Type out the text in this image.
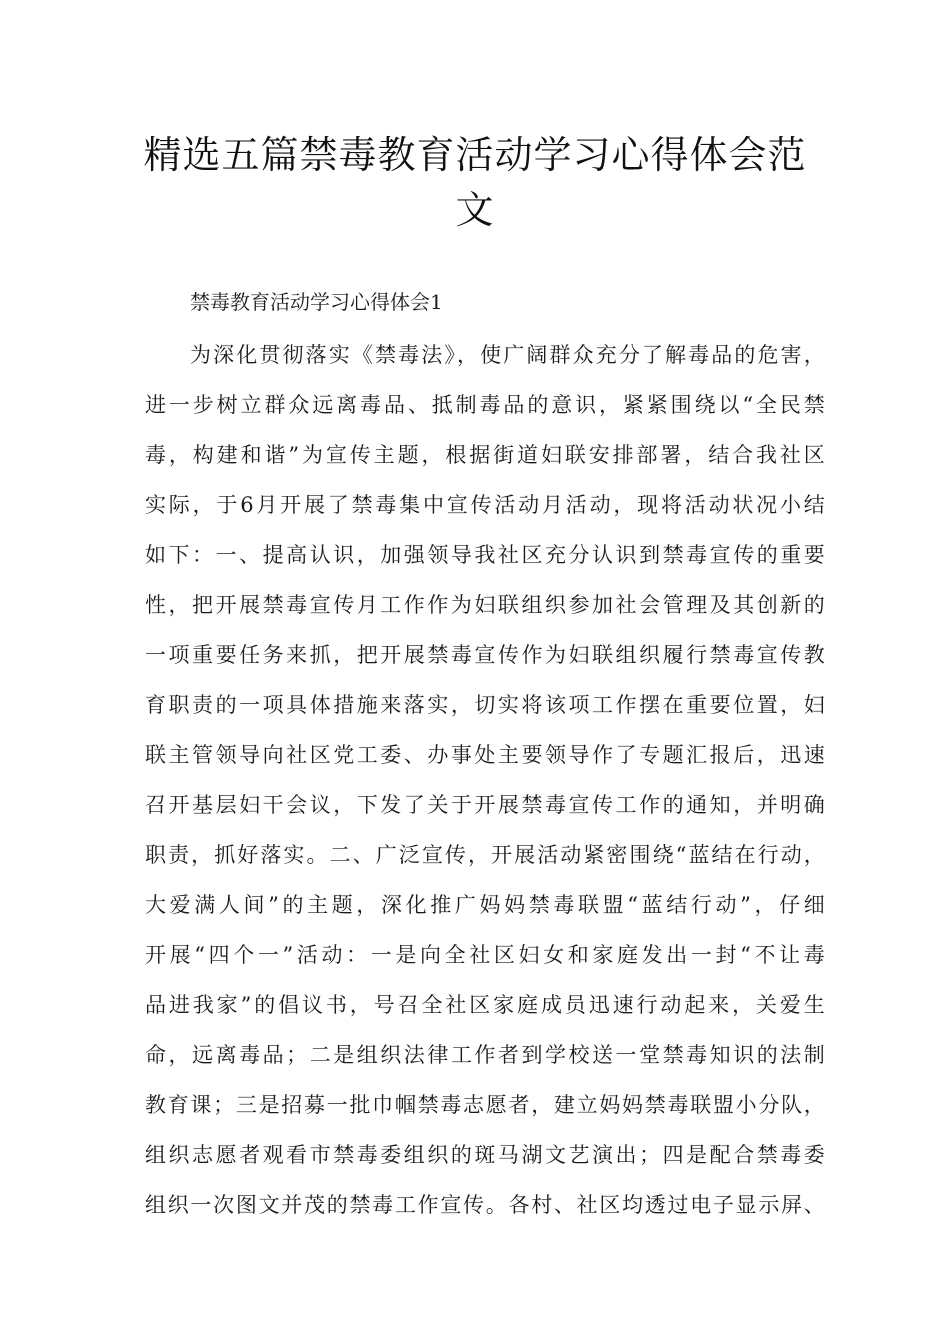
精选五篇禁毒教育活动学习心得体会范
文
禁毒教育活动学习心得体会1
为深化贯彻落实《禁毒法》，使广阔群众充分了解毒品的危害，
进一步树立群众远离毒品、抵制毒品的意识，紧紧围绕以“全民禁
毒，构建和谐”为宣传主题，根据街道妇联安排部署，结合我社区
实际，于6月开展了禁毒集中宣传活动月活动，现将活动状况小结
如下：一、提高认识，加强领导我社区充分认识到禁毒宣传的重要
性，把开展禁毒宣传月工作作为妇联组织参加社会管理及其创新的
一项重要任务来抓，把开展禁毒宣传作为妇联组织履行禁毒宣传教
育职责的一项具体措施来落实，切实将该项工作摆在重要位置，妇
联主管领导向社区党工委、办事处主要领导作了专题汇报后，迅速
召开基层妇干会议，下发了关于开展禁毒宣传工作的通知，并明确
职责，抓好落实。二、广泛宣传，开展活动紧密围绕“蓝结在行动，
大爱满人间”的主题，深化推广妈妈禁毒联盟“蓝结行动”，仔细
开展“四个一”活动：一是向全社区妇女和家庭发出一封“不让毒
品进我家”的倡议书，号召全社区家庭成员迅速行动起来，关爱生
命，远离毒品；二是组织法律工作者到学校送一堂禁毒知识的法制
教育课；三是招募一批巾帼禁毒志愿者，建立妈妈禁毒联盟小分队，
组织志愿者观看市禁毒委组织的斑马湖文艺演出；四是配合禁毒委
组织一次图文并茂的禁毒工作宣传。各村、社区均透过电子显示屏、
